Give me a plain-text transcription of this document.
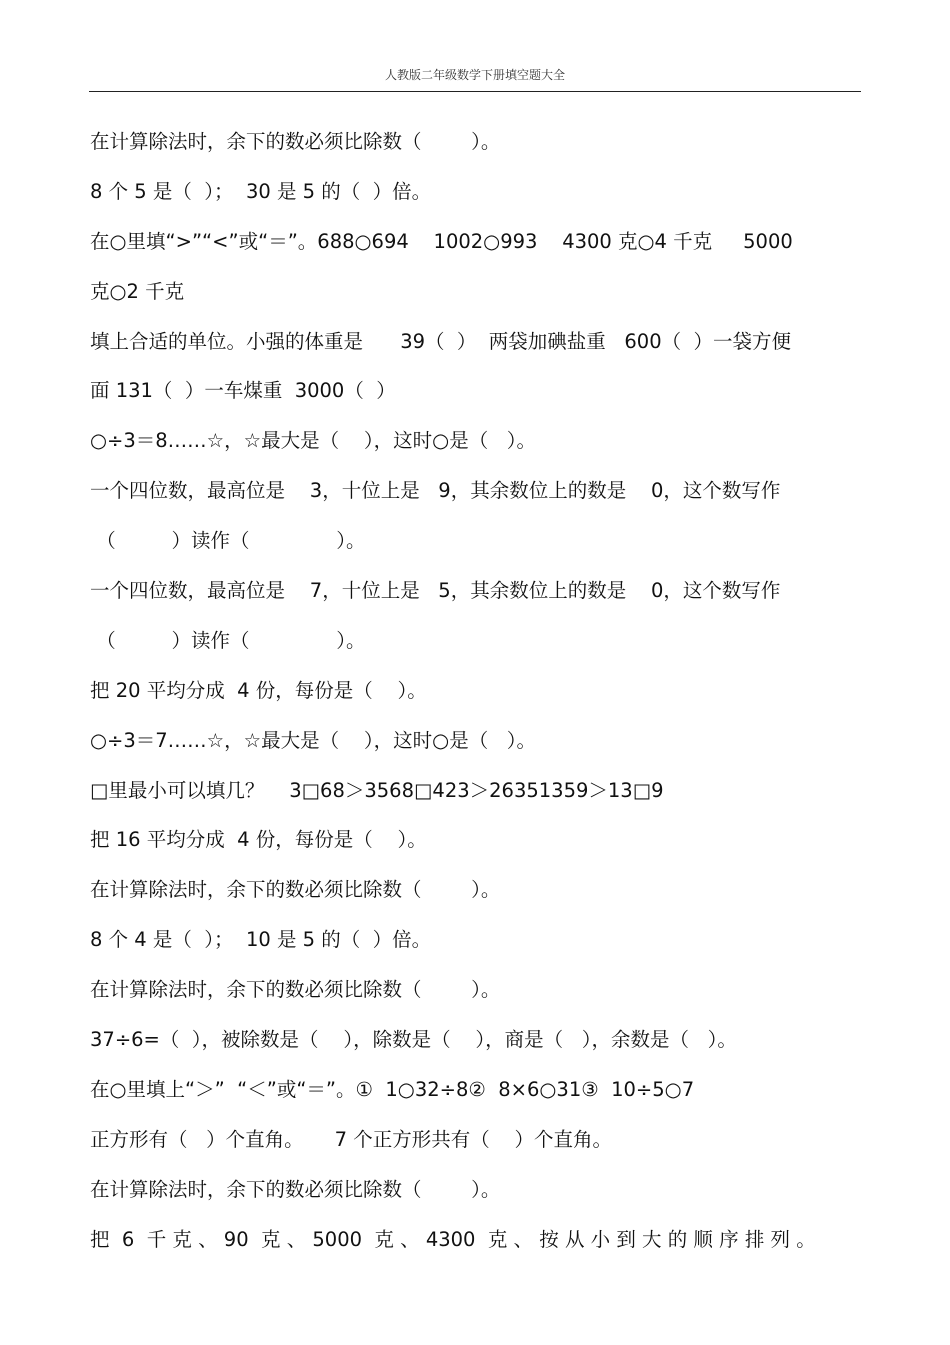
人教版二年级数学下册填空题大全
在计算除法时，余下的数必须比除数（        ）。
8 个 5 是（  ）；  30 是 5 的（  ）倍。
在○里填“>”“<”或“＝”。688○694    1002○993    4300 克○4 千克     5000
克○2 千克
填上合适的单位。小强的体重是      39（  ）  两袋加碘盐重   600（  ）一袋方便
面 131（  ）一车煤重  3000（  ）
○÷3＝8……☆，☆最大是（    ），这时○是（   ）。
一个四位数，最高位是    3，十位上是   9，其余数位上的数是    0，这个数写作
（         ）读作（              ）。
一个四位数，最高位是    7，十位上是   5，其余数位上的数是    0，这个数写作
（         ）读作（              ）。
把 20 平均分成  4 份，每份是（    ）。
○÷3＝7……☆，☆最大是（    ），这时○是（   ）。
□里最小可以填几？    3□68＞3568□423＞26351359＞13□9
把 16 平均分成  4 份，每份是（    ）。
在计算除法时，余下的数必须比除数（        ）。
8 个 4 是（  ）；  10 是 5 的（  ）倍。
在计算除法时，余下的数必须比除数（        ）。
37÷6=（  ），被除数是（    ），除数是（    ），商是（   ），余数是（   ）。
在○里填上“＞”  “＜”或“＝”。①  1○32÷8②  8×6○31③  10÷5○7
正方形有（   ）个直角。     7 个正方形共有（    ）个直角。
在计算除法时，余下的数必须比除数（        ）。
把  6  千 克 、 90  克 、 5000  克 、 4300  克 、 按 从 小 到 大 的 顺 序 排 列 。
